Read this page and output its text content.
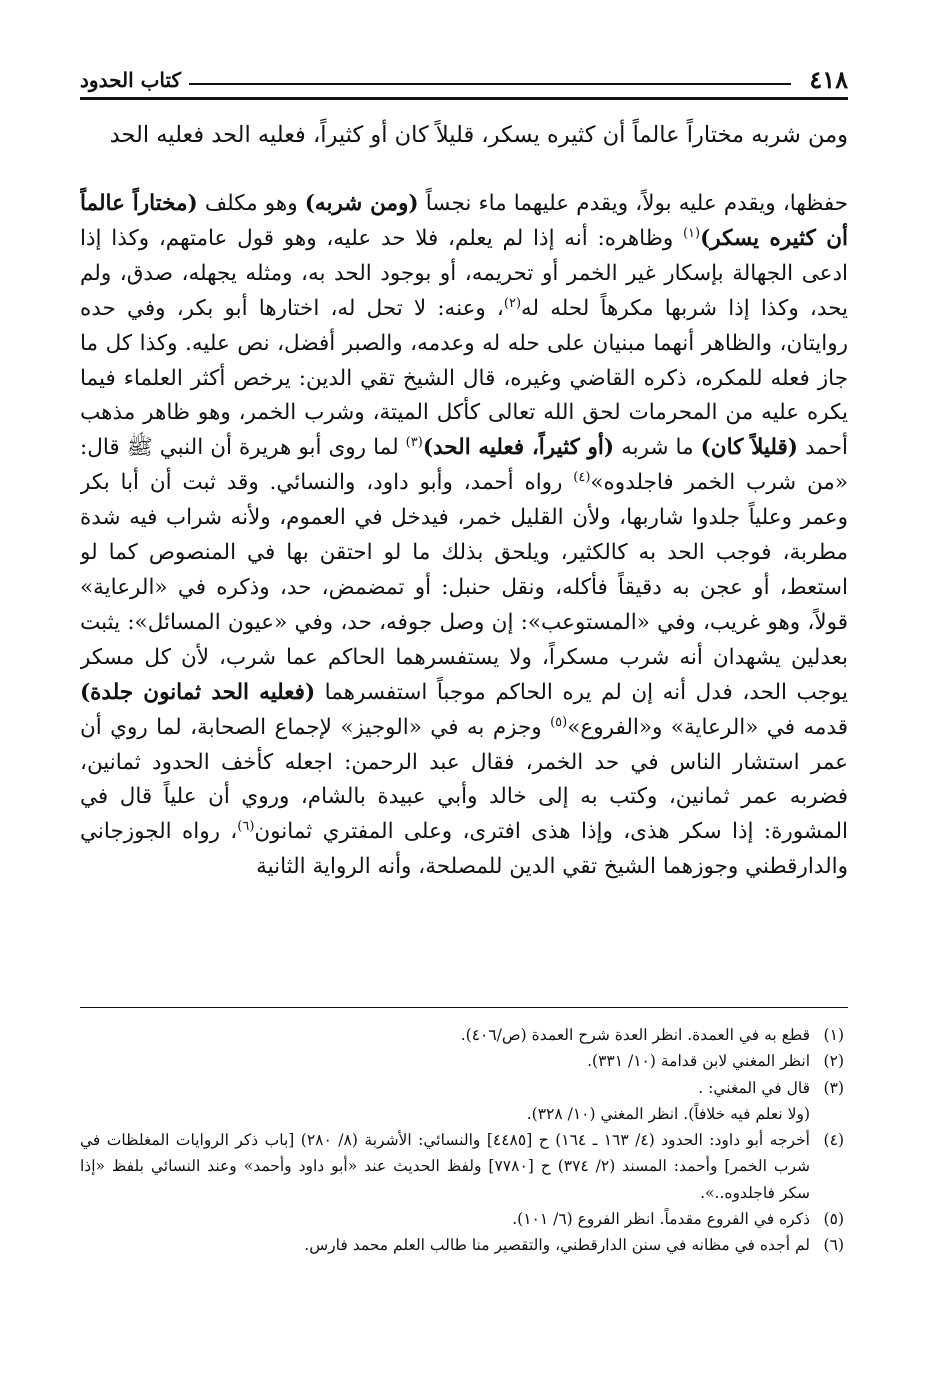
٤١٨
كتاب الحدود
ومن شربه مختاراً عالماً أن كثيره يسكر، قليلاً كان أو كثيراً، فعليه الحد فعليه الحد

حفظها، ويقدم عليه بولاً، ويقدم عليهما ماء نجساً (ومن شربه) وهو مكلف (مختاراً عالماً أن كثيره يسكر)$^{(١)}$ وظاهره: أنه إذا لم يعلم، فلا حد عليه، وهو قول عامتهم، وكذا إذا ادعى الجهالة بإسكار غير الخمر أو تحريمه، أو بوجود الحد به، ومثله يجهله، صدق، ولم يحد، وكذا إذا شربها مكرهاً لحله له$^{(٢)}$، وعنه: لا تحل له، اختارها أبو بكر، وفي حده روايتان، والظاهر أنهما مبنيان على حله له وعدمه، والصبر أفضل، نص عليه. وكذا كل ما جاز فعله للمكره، ذكره القاضي وغيره، قال الشيخ تقي الدين: يرخص أكثر العلماء فيما يكره عليه من المحرمات لحق الله تعالى كأكل الميتة، وشرب الخمر، وهو ظاهر مذهب أحمد (قليلاً كان) ما شربه (أو كثيراً، فعليه الحد)$^{(٣)}$ لما روى أبو هريرة أن النبي ﷺ قال: «من شرب الخمر فاجلدوه»$^{(٤)}$ رواه أحمد، وأبو داود، والنسائي. وقد ثبت أن أبا بكر وعمر وعلياً جلدوا شاربها، ولأن القليل خمر، فيدخل في العموم، ولأنه شراب فيه شدة مطربة، فوجب الحد به كالكثير، ويلحق بذلك ما لو احتقن بها في المنصوص كما لو استعط، أو عجن به دقيقاً فأكله، ونقل حنبل: أو تمضمض، حد، وذكره في «الرعاية» قولاً، وهو غريب، وفي «المستوعب»: إن وصل جوفه، حد، وفي «عيون المسائل»: يثبت بعدلين يشهدان أنه شرب مسكراً، ولا يستفسرهما الحاكم عما شرب، لأن كل مسكر يوجب الحد، فدل أنه إن لم يره الحاكم موجباً استفسرهما (فعليه الحد ثمانون جلدة) قدمه في «الرعاية» و«الفروع»$^{(٥)}$ وجزم به في «الوجيز» لإجماع الصحابة، لما روي أن عمر استشار الناس في حد الخمر، فقال عبد الرحمن: اجعله كأخف الحدود ثمانين، فضربه عمر ثمانين، وكتب به إلى خالد وأبي عبيدة بالشام، وروي أن علياً قال في المشورة: إذا سكر هذى، وإذا هذى افترى، وعلى المفتري ثمانون$^{(٦)}$، رواه الجوزجاني والدارقطني وجوزهما الشيخ تقي الدين للمصلحة، وأنه الرواية الثانية

(١)
قطع به في العمدة. انظر العدة شرح العمدة (ص/٤٠٦).
(٢)
انظر المغني لابن قدامة (١٠/ ٣٣١).
(٣)
قال في المغني: .
(ولا نعلم فيه خلافاً). انظر المغني (١٠/ ٣٢٨).
(٤)
أخرجه أبو داود: الحدود (٤/ ١٦٣ ـ ١٦٤) ح [٤٤٨٥] والنسائي: الأشربة (٨/ ٢٨٠) [باب ذكر الروايات المغلظات في شرب الخمر] وأحمد: المسند (٢/ ٣٧٤) ح [٧٧٨٠] ولفظ الحديث عند «أبو داود وأحمد» وعند النسائي بلفظ «إذا سكر فاجلدوه..».
(٥)
ذكره في الفروع مقدماً. انظر الفروع (٦/ ١٠١).
(٦)
لم أجده في مظانه في سنن الدارقطني، والتقصير منا طالب العلم محمد فارس.
